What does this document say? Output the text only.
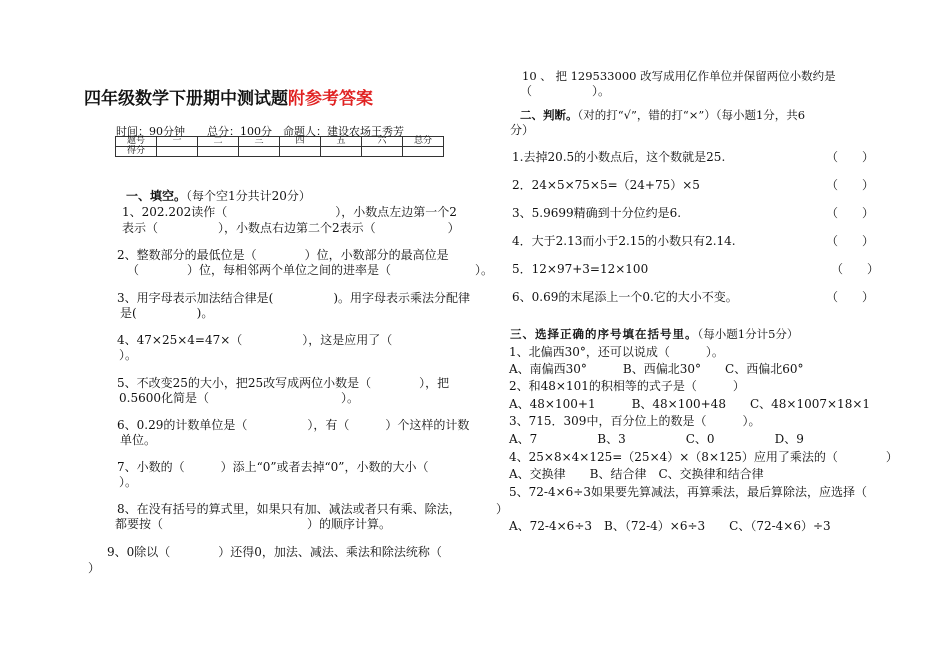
四年级数学下册期中测试题附参考答案
时间：90分钟　　总分：100分　命题人：建设农场王秀芳
题号	一	二	三	四	五	六	总分
得分							
一、填空。（每个空1分共计20分）
1、202.202读作（　　　　　　　　　），小数点左边第一个2
表示（　　　　　），小数点右边第二个2表示（　　　　　　）
2、整数部分的最低位是（　　　　）位，小数部分的最高位是
（　　　　）位，每相邻两个单位之间的进率是（　　　　　　　）。
3、用字母表示加法结合律是(　　　　　)。用字母表示乘法分配律
是(　　　　　)。
4、47×25×4=47×（　　　　　），这是应用了（
）。
5、不改变25的大小，把25改写成两位小数是（　　　　），把
0.5600化简是（　　　　　　　　　　　）。
6、0.29的计数单位是（　　　　　），有（　　　）个这样的计数
单位。
7、小数的（　　　）添上“0”或者去掉“0”，小数的大小（
）。
8、在没有括号的算式里，如果只有加、减法或者只有乘、除法，
都要按（　　　　　　　　　　　　）的顺序计算。
9、0除以（　　　　）还得0，加法、减法、乘法和除法统称（
）
10 、 把 129533000 改写成用亿作单位并保留两位小数约是
（　　　　　）。
二、判断。（对的打“√”，错的打“×”）（每小题1分，共6
分）
1.去掉20.5的小数点后，这个数就是25.	（　　）
2．24×5×75×5=（24+75）×5	（　　）
3、5.9699精确到十分位约是6.	（　　）
4．大于2.13而小于2.15的小数只有2.14.	（　　）
5．12×97+3=12×100	（　　）
6、0.69的末尾添上一个0.它的大小不变。	（　　）
三、选择正确的序号填在括号里。（每小题1分计5分）
1、北偏西30°，还可以说成（　　　）。
A、南偏西30°　　　B、西偏北30°　　C、西偏北60°
2、和48×101的积相等的式子是（　　　）
A、48×100+1　　　B、48×100+48　　C、48×1007×18×1
3、715．309中，百分位上的数是（　　　）。
A、7　　　　　B、3　　　　　C、0　　　　　D、9
4、25×8×4×125=（25×4）×（8×125）应用了乘法的（　　　　）
A、交换律　　B、结合律　C、交换律和结合律
5、72-4×6÷3如果要先算减法，再算乘法，最后算除法，应选择（
）
A、72-4×6÷3　B、（72-4）×6÷3　　C、（72-4×6）÷3
